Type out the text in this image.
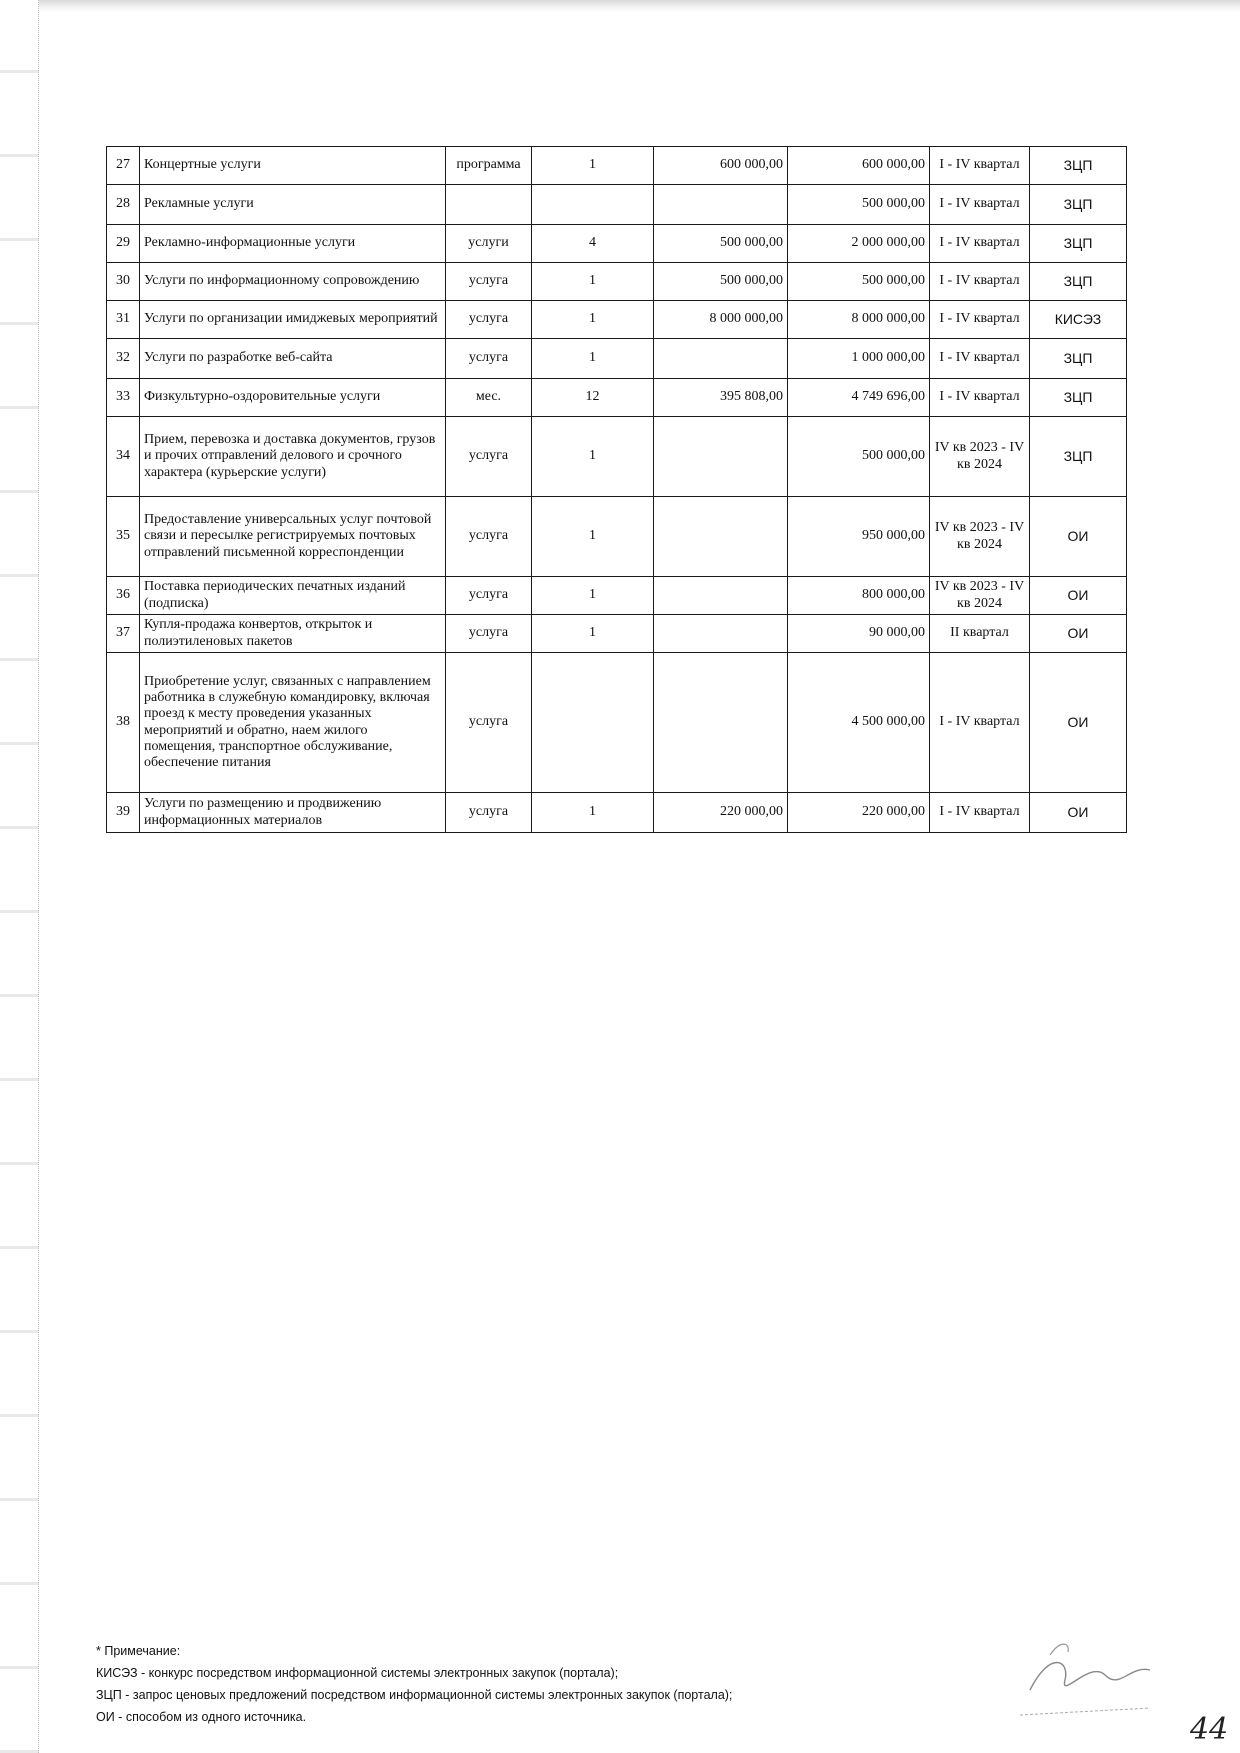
27	Концертные услуги	программа	1	600 000,00	600 000,00	I - IV квартал	ЗЦП
28	Рекламные услуги				500 000,00	I - IV квартал	ЗЦП
29	Рекламно-информационные услуги	услуги	4	500 000,00	2 000 000,00	I - IV квартал	ЗЦП
30	Услуги по информационному сопровождению	услуга	1	500 000,00	500 000,00	I - IV квартал	ЗЦП
31	Услуги по организации имиджевых мероприятий	услуга	1	8 000 000,00	8 000 000,00	I - IV квартал	КИСЭЗ
32	Услуги по разработке веб-сайта	услуга	1		1 000 000,00	I - IV квартал	ЗЦП
33	Физкультурно-оздоровительные услуги	мес.	12	395 808,00	4 749 696,00	I - IV квартал	ЗЦП
34	Прием, перевозка и доставка документов, грузов и прочих отправлений делового и срочного характера (курьерские услуги)	услуга	1		500 000,00	IV кв 2023 - IV кв 2024	ЗЦП
35	Предоставление универсальных услуг почтовой связи и пересылке регистрируемых почтовых отправлений письменной корреспонденции	услуга	1		950 000,00	IV кв 2023 - IV кв 2024	ОИ
36	Поставка периодических печатных изданий (подписка)	услуга	1		800 000,00	IV кв 2023 - IV кв 2024	ОИ
37	Купля-продажа конвертов, открыток и полиэтиленовых пакетов	услуга	1		90 000,00	II квартал	ОИ
38	Приобретение услуг, связанных с направлением работника в служебную командировку, включая проезд к месту проведения указанных мероприятий и обратно, наем жилого помещения, транспортное обслуживание, обеспечение питания	услуга			4 500 000,00	I - IV квартал	ОИ
39	Услуги по размещению и продвижению информационных материалов	услуга	1	220 000,00	220 000,00	I - IV квартал	ОИ
* Примечание:
КИСЭЗ - конкурс посредством информационной системы электронных закупок (портала);
ЗЦП - запрос ценовых предложений посредством информационной системы электронных закупок (портала);
ОИ - способом из одного источника.	44
